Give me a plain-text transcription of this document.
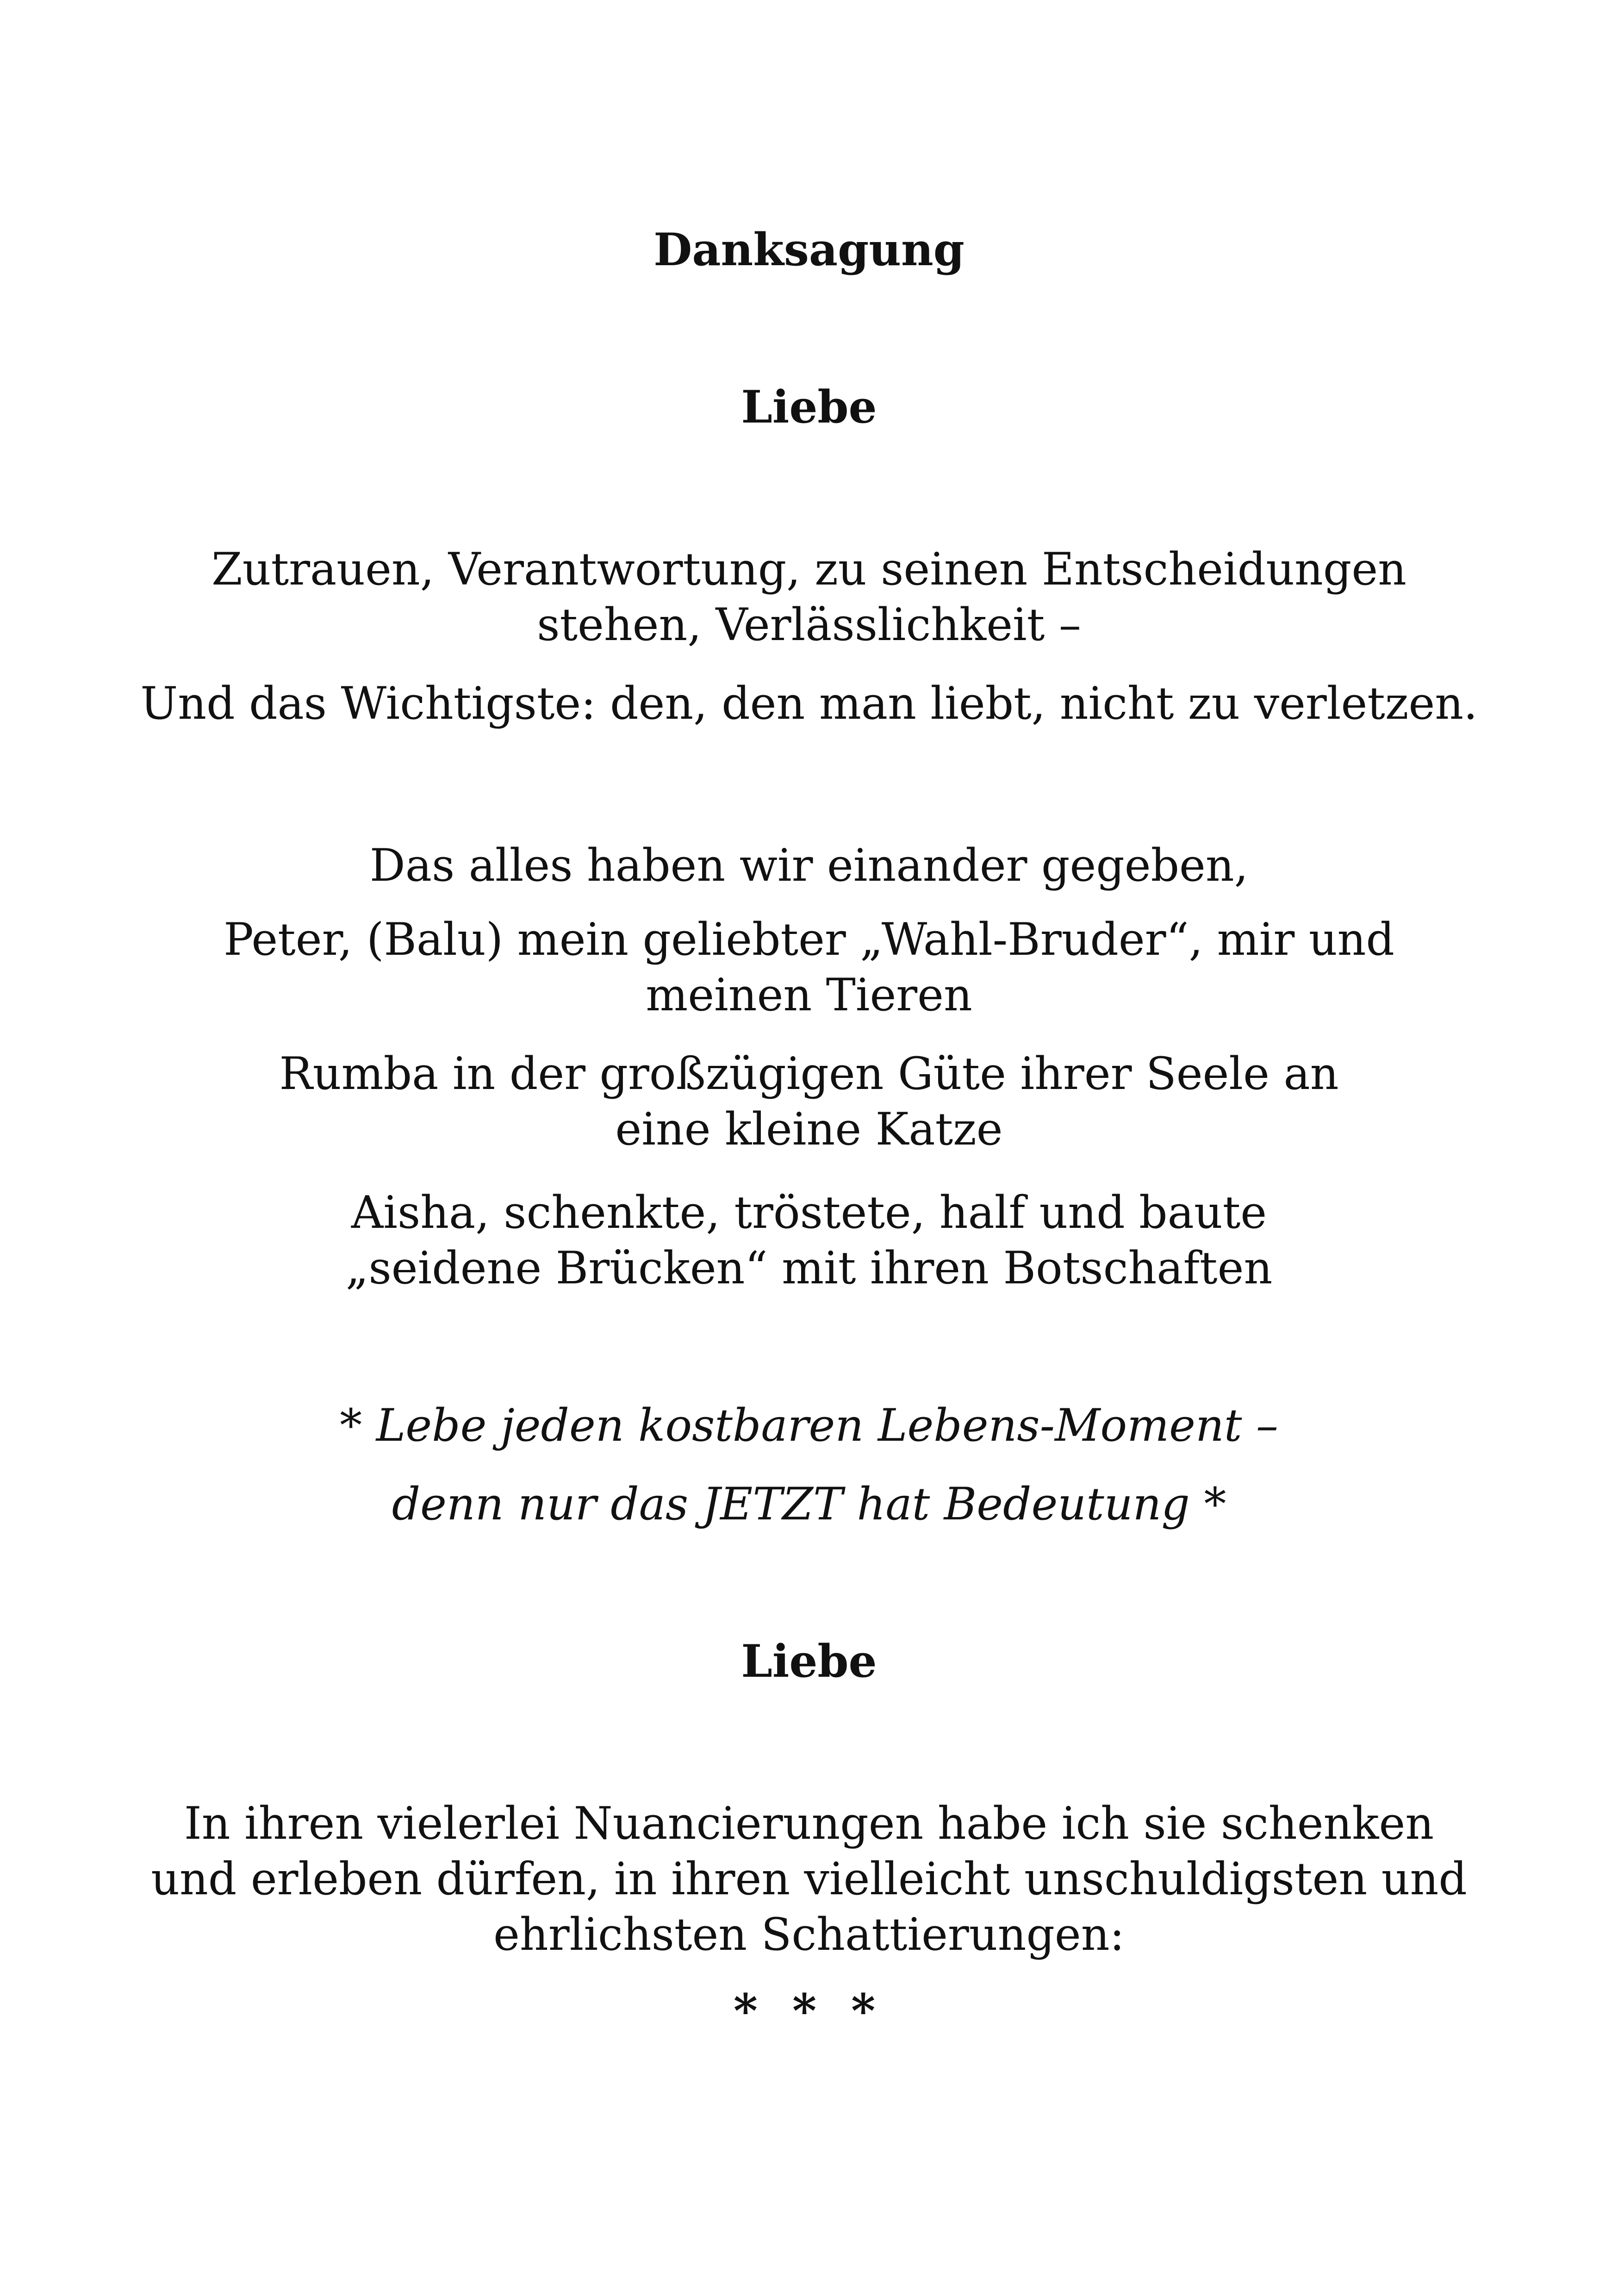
Danksagung
Liebe
Zutrauen, Verantwortung, zu seinen Entscheidungen
stehen, Verlässlichkeit –
Und das Wichtigste: den, den man liebt, nicht zu verletzen.
Das alles haben wir einander gegeben,
Peter, (Balu) mein geliebter „Wahl-Bruder“, mir und
meinen Tieren
Rumba in der großzügigen Güte ihrer Seele an
eine kleine Katze
Aisha, schenkte, tröstete, half und baute
„seidene Brücken“ mit ihren Botschaften
* Lebe jeden kostbaren Lebens-Moment –
denn nur das JETZT hat Bedeutung *
Liebe
In ihren vielerlei Nuancierungen habe ich sie schenken
und erleben dürfen, in ihren vielleicht unschuldigsten und
ehrlichsten Schattierungen:
* * *
